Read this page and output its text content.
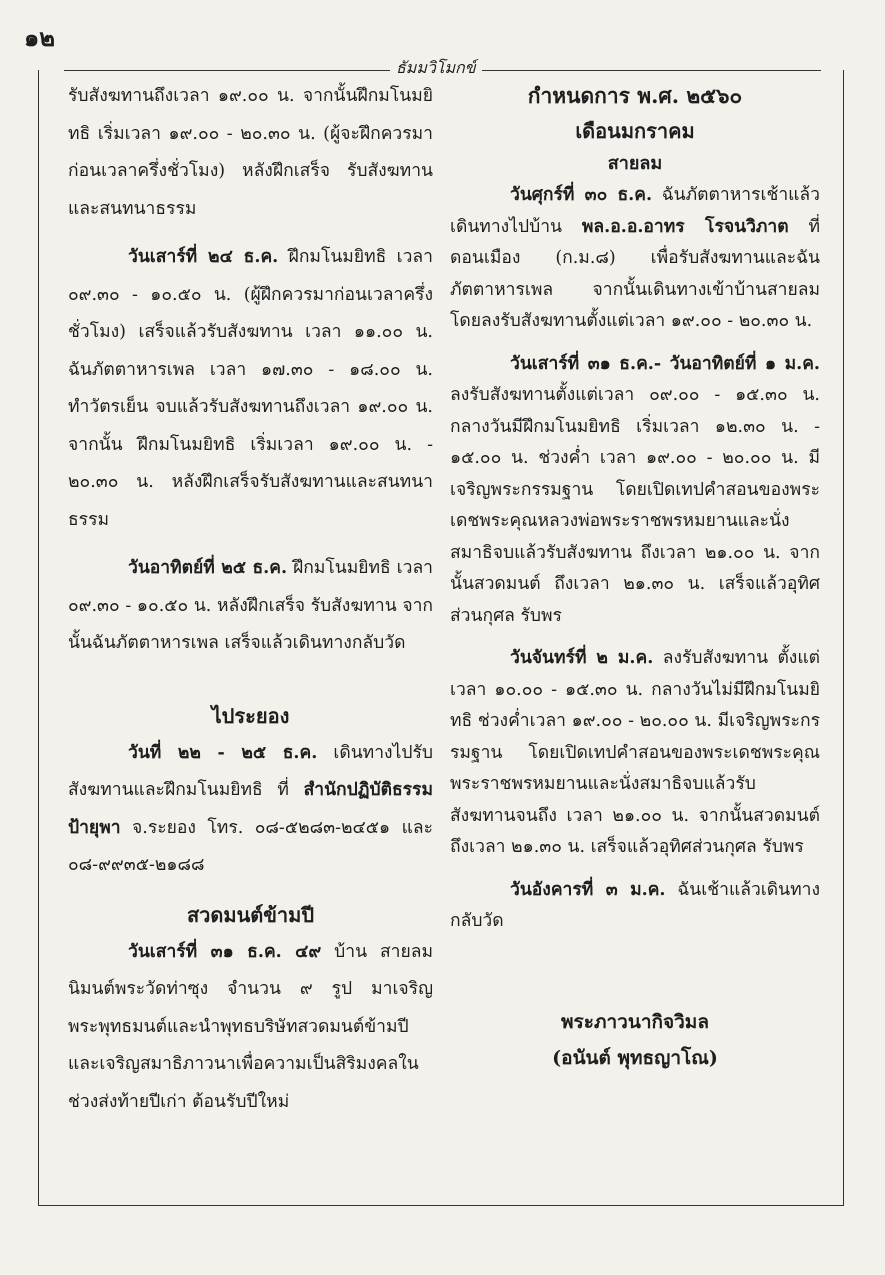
๑๒
ธัมมวิโมกข์

รับสังฆทานถึงเวลา ๑๙.๐๐ น. จากนั้นฝึกมโนมยิทธิ เริ่มเวลา ๑๙.๐๐ - ๒๐.๓๐ น. (ผู้จะฝึกควรมาก่อนเวลาครึ่งชั่วโมง) หลังฝึกเสร็จ รับสังฆทานและสนทนาธรรม

วันเสาร์ที่ ๒๔ ธ.ค. ฝึกมโนมยิทธิ เวลา ๐๙.๓๐ - ๑๐.๕๐ น. (ผู้ฝึกควรมาก่อนเวลาครึ่งชั่วโมง) เสร็จแล้วรับสังฆทาน เวลา ๑๑.๐๐ น. ฉันภัตตาหารเพล เวลา ๑๗.๓๐ - ๑๘.๐๐ น. ทำวัตรเย็น จบแล้วรับสังฆทานถึงเวลา ๑๙.๐๐ น. จากนั้น ฝึกมโนมยิทธิ เริ่มเวลา ๑๙.๐๐ น. - ๒๐.๓๐ น. หลังฝึกเสร็จรับสังฆทานและสนทนาธรรม

วันอาทิตย์ที่ ๒๕ ธ.ค. ฝึกมโนมยิทธิ เวลา ๐๙.๓๐ - ๑๐.๕๐ น. หลังฝึกเสร็จ รับสังฆทาน จากนั้นฉันภัตตาหารเพล เสร็จแล้วเดินทางกลับวัด

ไประยอง

วันที่ ๒๒ - ๒๕ ธ.ค. เดินทางไปรับสังฆทานและฝึกมโนมยิทธิ ที่ สำนักปฏิบัติธรรมป้ายุพา จ.ระยอง โทร. ๐๘-๕๒๘๓-๒๔๕๑ และ ๐๘-๙๙๓๕-๒๑๘๘

สวดมนต์ข้ามปี

วันเสาร์ที่ ๓๑ ธ.ค. ๔๙ บ้าน สายลม นิมนต์พระวัดท่าซุง จำนวน ๙ รูป มาเจริญพระพุทธมนต์และนำพุทธบริษัทสวดมนต์ข้ามปี และเจริญสมาธิภาวนาเพื่อความเป็นสิริมงคลในช่วงส่งท้ายปีเก่า ต้อนรับปีใหม่

กำหนดการ พ.ศ. ๒๕๖๐
เดือนมกราคม
สายลม

วันศุกร์ที่ ๓๐ ธ.ค. ฉันภัตตาหารเช้าแล้ว เดินทางไปบ้าน พล.อ.อ.อาทร โรจนวิภาต ที่ดอนเมือง (ก.ม.๘) เพื่อรับสังฆทานและฉันภัตตาหารเพล จากนั้นเดินทางเข้าบ้านสายลม โดยลงรับสังฆทานตั้งแต่เวลา ๑๙.๐๐ - ๒๐.๓๐ น.

วันเสาร์ที่ ๓๑ ธ.ค.- วันอาทิตย์ที่ ๑ ม.ค. ลงรับสังฆทานตั้งแต่เวลา ๐๙.๐๐ - ๑๕.๓๐ น. กลางวันมีฝึกมโนมยิทธิ เริ่มเวลา ๑๒.๓๐ น. - ๑๕.๐๐ น. ช่วงค่ำ เวลา ๑๙.๐๐ - ๒๐.๐๐ น. มีเจริญพระกรรมฐาน โดยเปิดเทปคำสอนของพระเดชพระคุณหลวงพ่อพระราชพรหมยานและนั่งสมาธิจบแล้วรับสังฆทาน ถึงเวลา ๒๑.๐๐ น. จากนั้นสวดมนต์ ถึงเวลา ๒๑.๓๐ น. เสร็จแล้วอุทิศส่วนกุศล รับพร

วันจันทร์ที่ ๒ ม.ค. ลงรับสังฆทาน ตั้งแต่เวลา ๑๐.๐๐ - ๑๕.๓๐ น. กลางวันไม่มีฝึกมโนมยิทธิ ช่วงค่ำเวลา ๑๙.๐๐ - ๒๐.๐๐ น. มีเจริญพระกรรมฐาน โดยเปิดเทปคำสอนของพระเดชพระคุณพระราชพรหมยานและนั่งสมาธิจบแล้วรับสังฆทานจนถึง เวลา ๒๑.๐๐ น. จากนั้นสวดมนต์ถึงเวลา ๒๑.๓๐ น. เสร็จแล้วอุทิศส่วนกุศล รับพร

วันอังคารที่ ๓ ม.ค. ฉันเช้าแล้วเดินทางกลับวัด

พระภาวนากิจวิมล
(อนันต์ พุทธญาโณ)
